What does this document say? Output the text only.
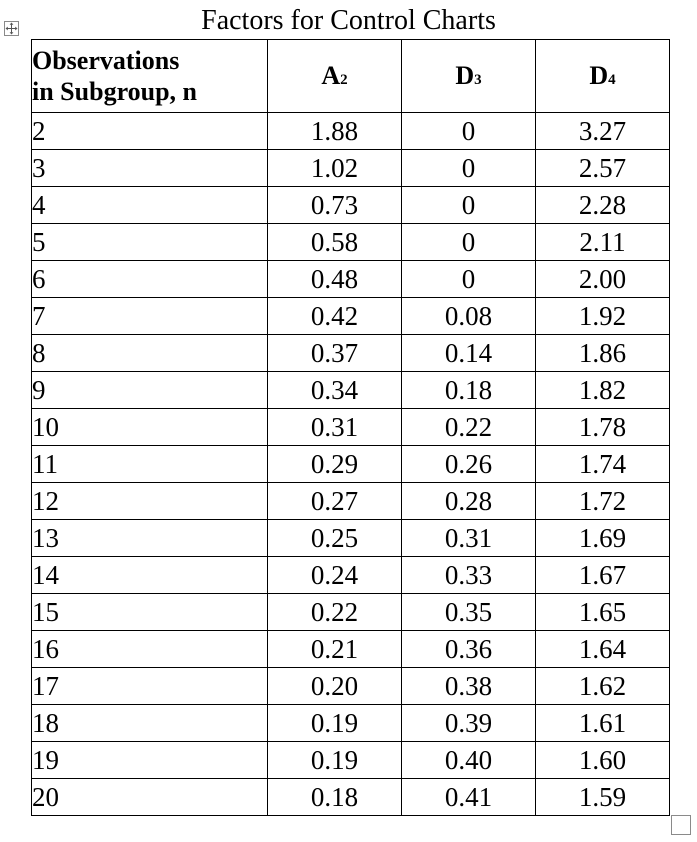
Factors for Control Charts
Observations
in Subgroup, n	A2	D3	D4
2	1.88	0	3.27
3	1.02	0	2.57
4	0.73	0	2.28
5	0.58	0	2.11
6	0.48	0	2.00
7	0.42	0.08	1.92
8	0.37	0.14	1.86
9	0.34	0.18	1.82
10	0.31	0.22	1.78
11	0.29	0.26	1.74
12	0.27	0.28	1.72
13	0.25	0.31	1.69
14	0.24	0.33	1.67
15	0.22	0.35	1.65
16	0.21	0.36	1.64
17	0.20	0.38	1.62
18	0.19	0.39	1.61
19	0.19	0.40	1.60
20	0.18	0.41	1.59
